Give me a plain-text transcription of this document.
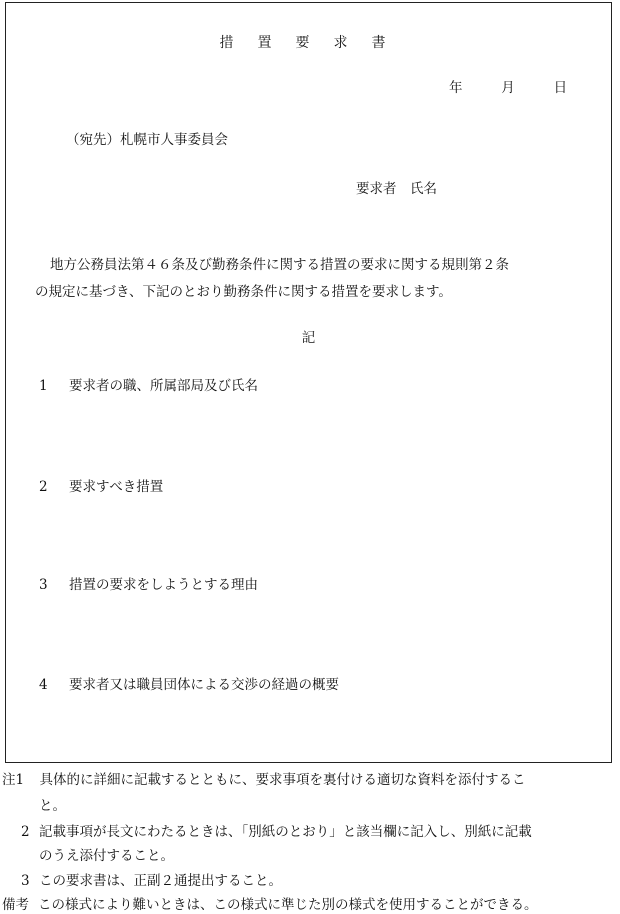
措置要求書
年	月	日
（宛先）札幌市人事委員会
要求者　氏名
地方公務員法第４６条及び勤務条件に関する措置の要求に関する規則第２条
の規定に基づき、下記のとおり勤務条件に関する措置を要求します。
記
1 要求者の職、所属部局及び氏名
2 要求すべき措置
3 措置の要求をしようとする理由
4 要求者又は職員団体による交渉の経過の概要
注1 具体的に詳細に記載するとともに、要求事項を裏付ける適切な資料を添付するこ
と。
2 記載事項が長文にわたるときは、「別紙のとおり」と該当欄に記入し、別紙に記載
のうえ添付すること。
3 この要求書は、正副２通提出すること。
備考 この様式により難いときは、この様式に準じた別の様式を使用することができる。
